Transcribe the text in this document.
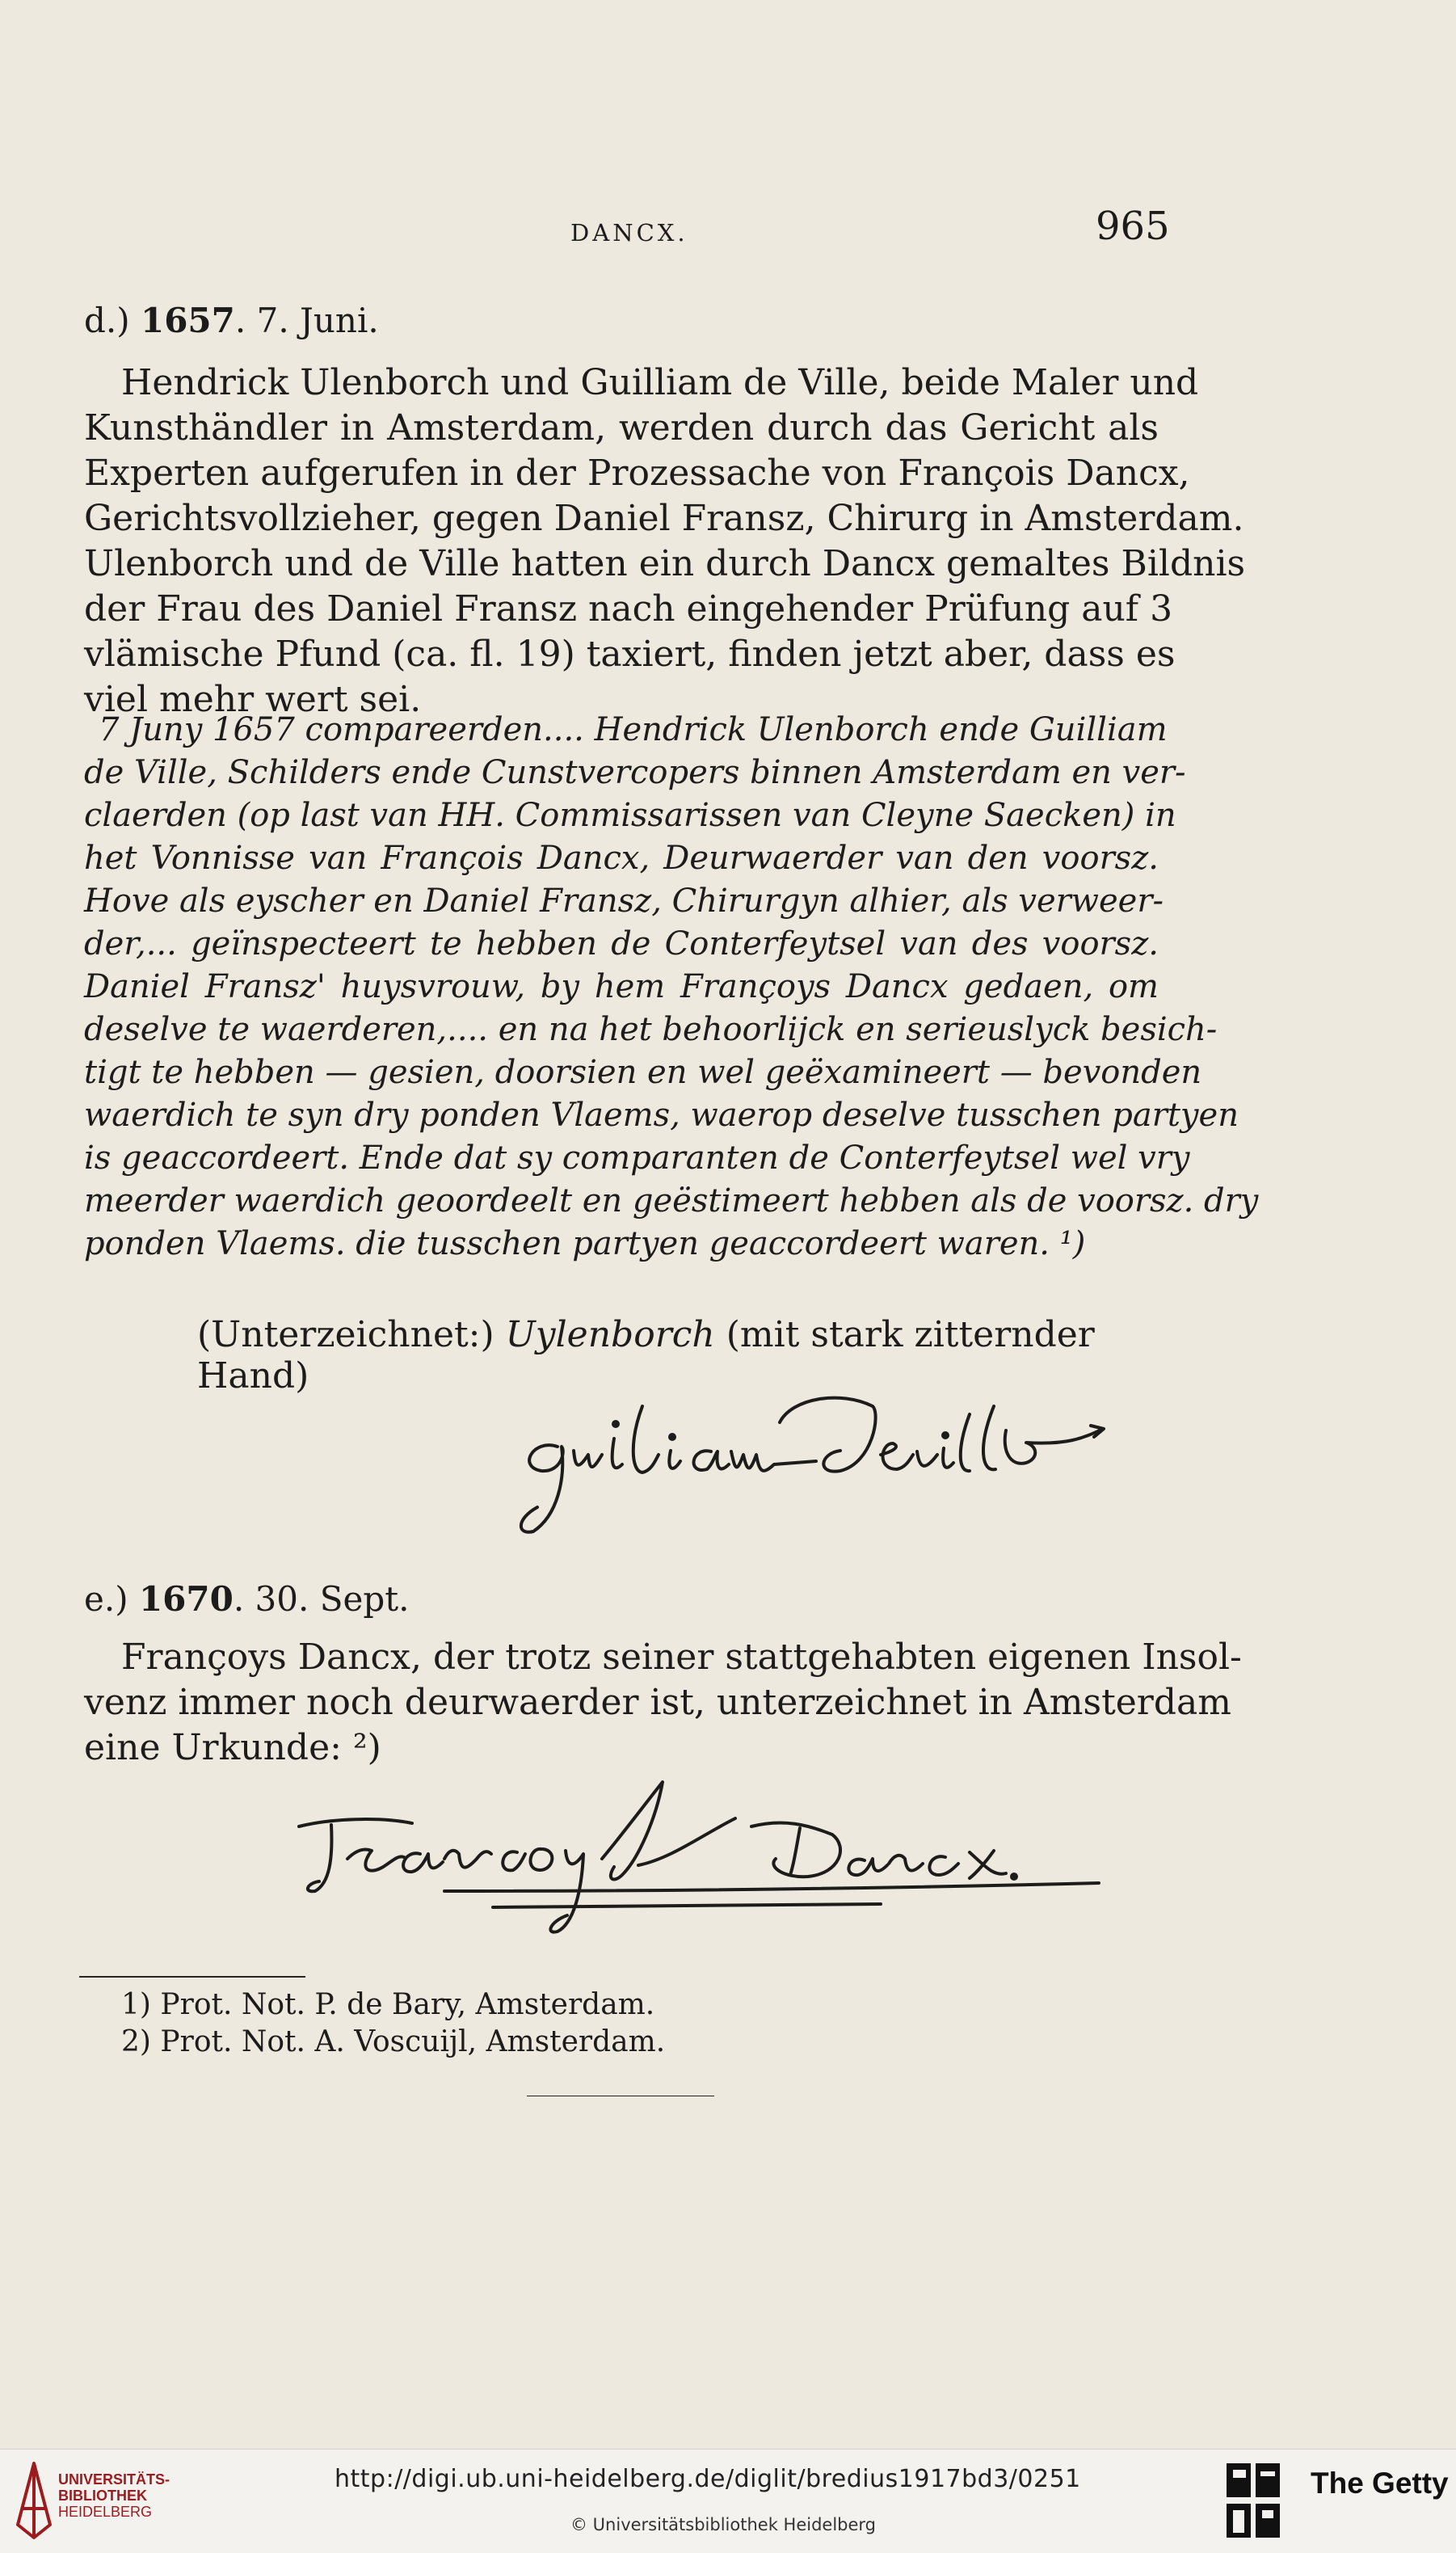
DANCX.	965
d.) 1657. 7. Juni.
Hendrick Ulenborch und Guilliam de Ville, beide Maler und
Kunsthändler in Amsterdam, werden durch das Gericht als
Experten aufgerufen in der Prozessache von François Dancx,
Gerichtsvollzieher, gegen Daniel Fransz, Chirurg in Amsterdam.
Ulenborch und de Ville hatten ein durch Dancx gemaltes Bildnis
der Frau des Daniel Fransz nach eingehender Prüfung auf 3
vlämische Pfund (ca. fl. 19) taxiert, finden jetzt aber, dass es
viel mehr wert sei.
7 Juny 1657 compareerden.... Hendrick Ulenborch ende Guilliam
de Ville, Schilders ende Cunstvercopers binnen Amsterdam en ver-
claerden (op last van HH. Commissarissen van Cleyne Saecken) in
het Vonnisse van François Dancx, Deurwaerder van den voorsz.
Hove als eyscher en Daniel Fransz, Chirurgyn alhier, als verweer-
der,... geïnspecteert te hebben de Conterfeytsel van des voorsz.
Daniel Fransz' huysvrouw, by hem Françoys Dancx gedaen, om
deselve te waerderen,.... en na het behoorlijck en serieuslyck besich-
tigt te hebben — gesien, doorsien en wel geëxamineert — bevonden
waerdich te syn dry ponden Vlaems, waerop deselve tusschen partyen
is geaccordeert. Ende dat sy comparanten de Conterfeytsel wel vry
meerder waerdich geoordeelt en geëstimeert hebben als de voorsz. dry
ponden Vlaems. die tusschen partyen geaccordeert waren. ¹)
(Unterzeichnet:) Uylenborch (mit stark zitternder Hand)
e.) 1670. 30. Sept.
Françoys Dancx, der trotz seiner stattgehabten eigenen Insol-
venz immer noch deurwaerder ist, unterzeichnet in Amsterdam
eine Urkunde: ²)
1) Prot. Not. P. de Bary, Amsterdam.
2) Prot. Not. A. Voscuijl, Amsterdam.
UNIVERSITÄTS-
BIBLIOTHEK
HEIDELBERG
http://digi.ub.uni-heidelberg.de/diglit/bredius1917bd3/0251
© Universitätsbibliothek Heidelberg
The Getty
